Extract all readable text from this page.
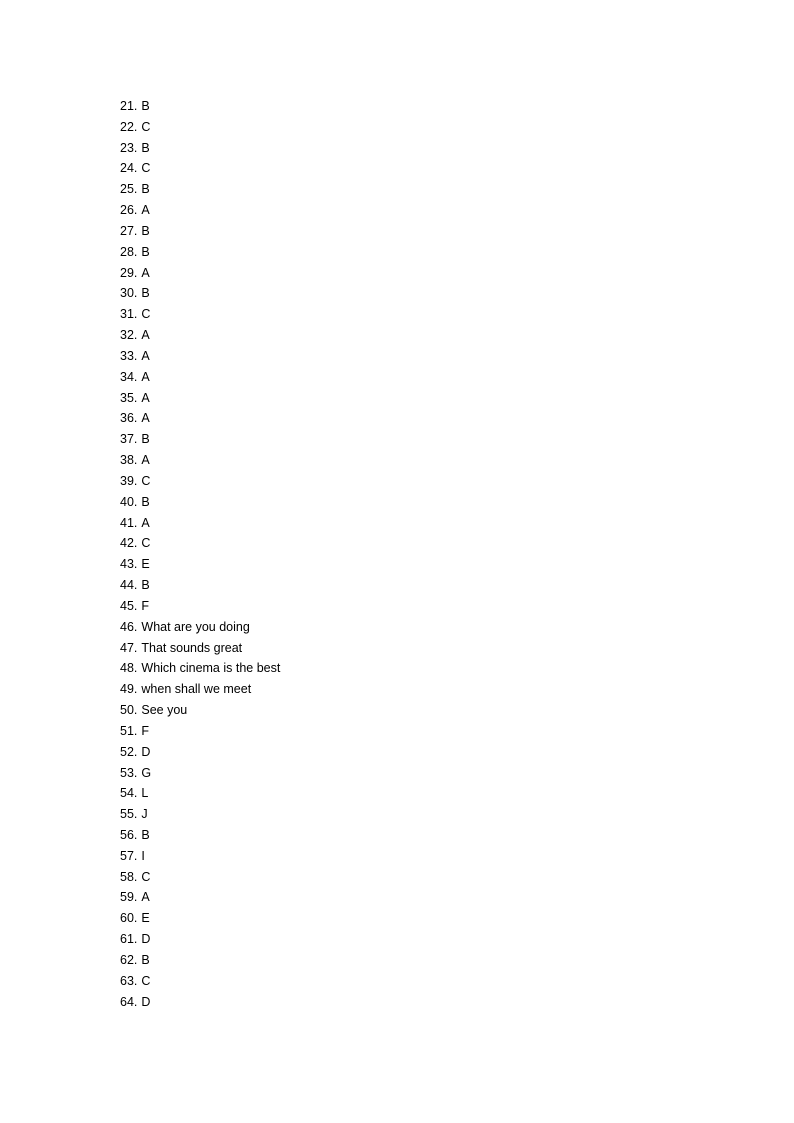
21. B
22. C
23. B
24. C
25. B
26. A
27. B
28. B
29. A
30. B
31. C
32. A
33. A
34. A
35. A
36. A
37. B
38. A
39. C
40. B
41. A
42. C
43. E
44. B
45. F
46. What are you doing
47. That sounds great
48. Which cinema is the best
49. when shall we meet
50. See you
51. F
52. D
53. G
54. L
55. J
56. B
57. I
58. C
59. A
60. E
61. D
62. B
63. C
64. D
